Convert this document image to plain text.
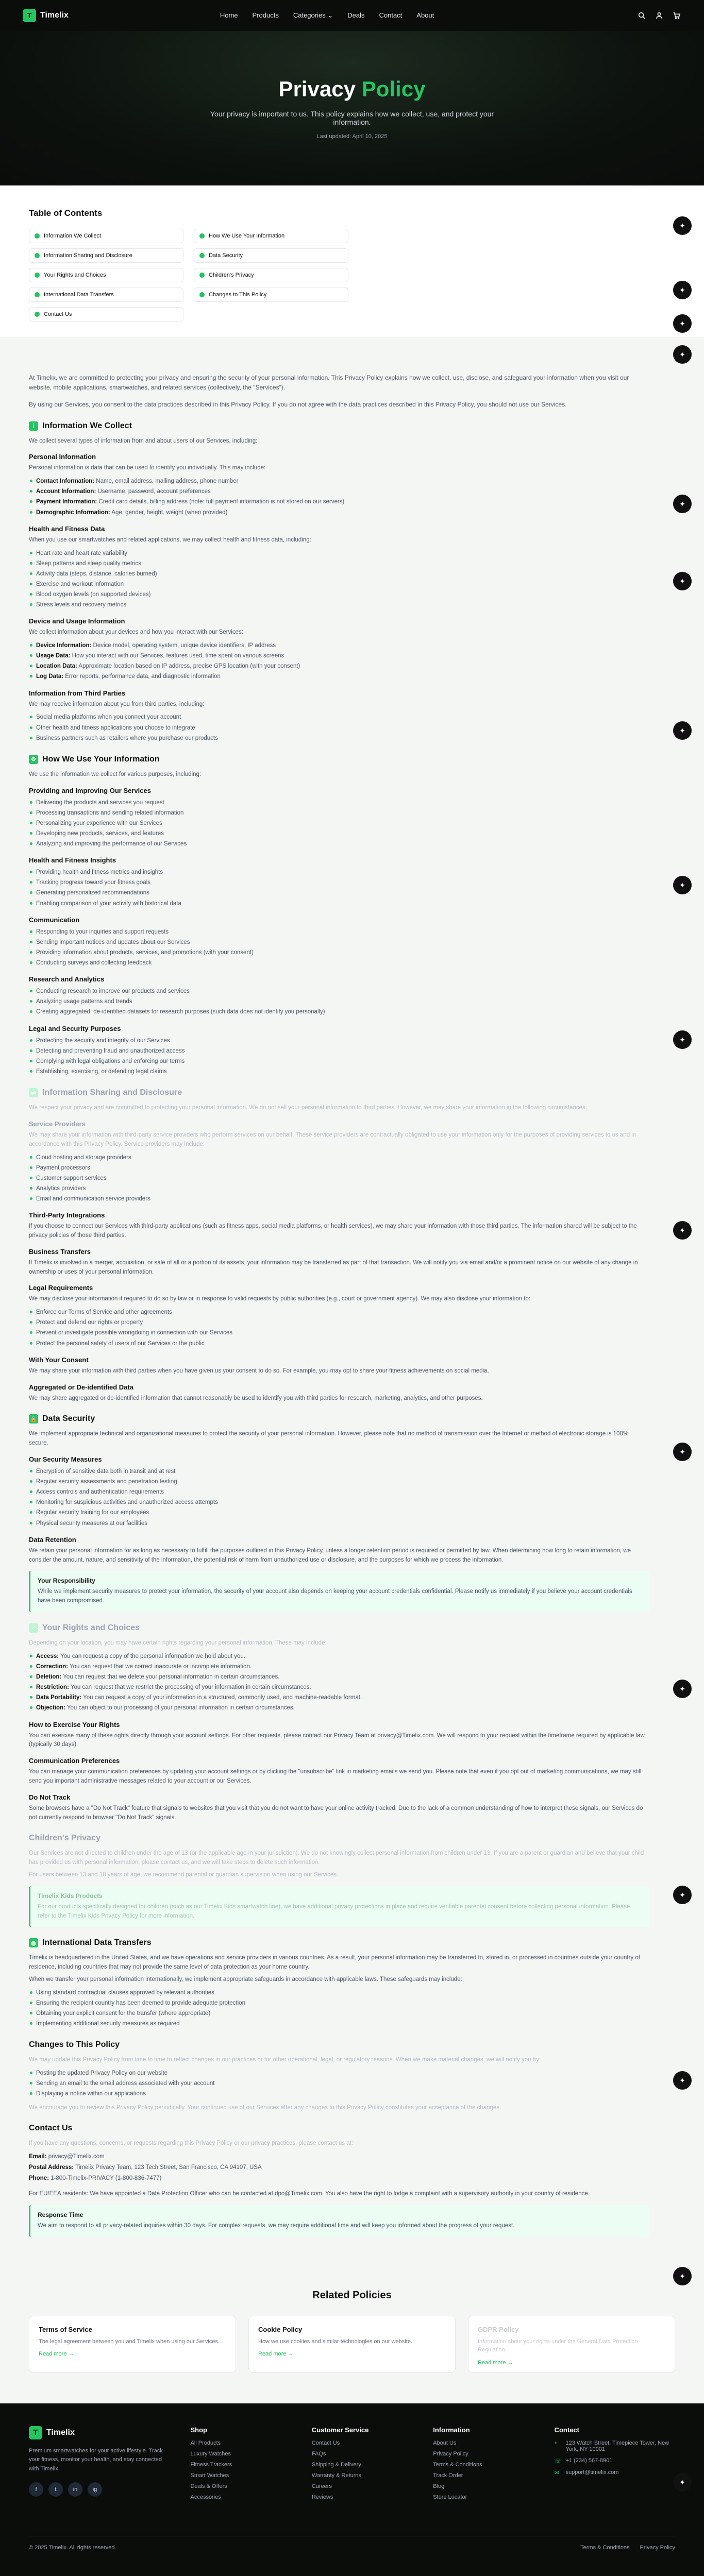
T	Timelix	Home Products Categories ⌄ Deals Contact About
Privacy Policy
Your privacy is important to us. This policy explains how we collect, use, and protect your information.
Last updated: April 10, 2025
Table of Contents
Information We Collect	How We Use Your Information
Information Sharing and Disclosure	Data Security
Your Rights and Choices	Children's Privacy
International Data Transfers	Changes to This Policy
Contact Us
✦
✦
✦
✦
✦
✦
✦
✦
✦
✦
✦
✦
✦
✦
✦
✦

At Timelix, we are committed to protecting your privacy and ensuring the security of your personal information. This Privacy Policy explains how we collect, use, disclose, and safeguard your information when you visit our website, mobile applications, smartwatches, and related services (collectively, the "Services").

By using our Services, you consent to the data practices described in this Privacy Policy. If you do not agree with the data practices described in this Privacy Policy, you should not use our Services.

i Information We Collect

We collect several types of information from and about users of our Services, including:

Personal Information

Personal information is data that can be used to identify you individually. This may include:

Contact Information: Name, email address, mailing address, phone number
Account Information: Username, password, account preferences
Payment Information: Credit card details, billing address (note: full payment information is not stored on our servers)
Demographic Information: Age, gender, height, weight (when provided)
Health and Fitness Data

When you use our smartwatches and related applications, we may collect health and fitness data, including:

Heart rate and heart rate variability
Sleep patterns and sleep quality metrics
Activity data (steps, distance, calories burned)
Exercise and workout information
Blood oxygen levels (on supported devices)
Stress levels and recovery metrics
Device and Usage Information

We collect information about your devices and how you interact with our Services:

Device Information: Device model, operating system, unique device identifiers, IP address
Usage Data: How you interact with our Services, features used, time spent on various screens
Location Data: Approximate location based on IP address, precise GPS location (with your consent)
Log Data: Error reports, performance data, and diagnostic information
Information from Third Parties

We may receive information about you from third parties, including:

Social media platforms when you connect your account
Other health and fitness applications you choose to integrate
Business partners such as retailers where you purchase our products
⚙ How We Use Your Information

We use the information we collect for various purposes, including:

Providing and Improving Our Services
Delivering the products and services you request
Processing transactions and sending related information
Personalizing your experience with our Services
Developing new products, services, and features
Analyzing and improving the performance of our Services
Health and Fitness Insights
Providing health and fitness metrics and insights
Tracking progress toward your fitness goals
Generating personalized recommendations
Enabling comparison of your activity with historical data
Communication
Responding to your inquiries and support requests
Sending important notices and updates about our Services
Providing information about products, services, and promotions (with your consent)
Conducting surveys and collecting feedback
Research and Analytics
Conducting research to improve our products and services
Analyzing usage patterns and trends
Creating aggregated, de-identified datasets for research purposes (such data does not identify you personally)
Legal and Security Purposes
Protecting the security and integrity of our Services
Detecting and preventing fraud and unauthorized access
Complying with legal obligations and enforcing our terms
Establishing, exercising, or defending legal claims
⇄ Information Sharing and Disclosure

We respect your privacy and are committed to protecting your personal information. We do not sell your personal information to third parties. However, we may share your information in the following circumstances:

Service Providers

We may share your information with third-party service providers who perform services on our behalf. These service providers are contractually obligated to use your information only for the purposes of providing services to us and in accordance with this Privacy Policy. Service providers may include:

Cloud hosting and storage providers
Payment processors
Customer support services
Analytics providers
Email and communication service providers
Third-Party Integrations

If you choose to connect our Services with third-party applications (such as fitness apps, social media platforms, or health services), we may share your information with those third parties. The information shared will be subject to the privacy policies of those third parties.

Business Transfers

If Timelix is involved in a merger, acquisition, or sale of all or a portion of its assets, your information may be transferred as part of that transaction. We will notify you via email and/or a prominent notice on our website of any change in ownership or uses of your personal information.

Legal Requirements

We may disclose your information if required to do so by law or in response to valid requests by public authorities (e.g., court or government agency). We may also disclose your information to:

Enforce our Terms of Service and other agreements
Protect and defend our rights or property
Prevent or investigate possible wrongdoing in connection with our Services
Protect the personal safety of users of our Services or the public
With Your Consent

We may share your information with third parties when you have given us your consent to do so. For example, you may opt to share your fitness achievements on social media.

Aggregated or De-identified Data

We may share aggregated or de-identified information that cannot reasonably be used to identify you with third parties for research, marketing, analytics, and other purposes.

🔒 Data Security

We implement appropriate technical and organizational measures to protect the security of your personal information. However, please note that no method of transmission over the Internet or method of electronic storage is 100% secure.

Our Security Measures
Encryption of sensitive data both in transit and at rest
Regular security assessments and penetration testing
Access controls and authentication requirements
Monitoring for suspicious activities and unauthorized access attempts
Regular security training for our employees
Physical security measures at our facilities
Data Retention

We retain your personal information for as long as necessary to fulfill the purposes outlined in this Privacy Policy, unless a longer retention period is required or permitted by law. When determining how long to retain information, we consider the amount, nature, and sensitivity of the information, the potential risk of harm from unauthorized use or disclosure, and the purposes for which we process the information.

Your Responsibility
While we implement security measures to protect your information, the security of your account also depends on keeping your account credentials confidential. Please notify us immediately if you believe your account credentials have been compromised.
✓ Your Rights and Choices

Depending on your location, you may have certain rights regarding your personal information. These may include:

Access: You can request a copy of the personal information we hold about you.
Correction: You can request that we correct inaccurate or incomplete information.
Deletion: You can request that we delete your personal information in certain circumstances.
Restriction: You can request that we restrict the processing of your information in certain circumstances.
Data Portability: You can request a copy of your information in a structured, commonly used, and machine-readable format.
Objection: You can object to our processing of your personal information in certain circumstances.
How to Exercise Your Rights

You can exercise many of these rights directly through your account settings. For other requests, please contact our Privacy Team at privacy@Timelix.com. We will respond to your request within the timeframe required by applicable law (typically 30 days).

Communication Preferences

You can manage your communication preferences by updating your account settings or by clicking the "unsubscribe" link in marketing emails we send you. Please note that even if you opt out of marketing communications, we may still send you important administrative messages related to your account or our Services.

Do Not Track

Some browsers have a "Do Not Track" feature that signals to websites that you visit that you do not want to have your online activity tracked. Due to the lack of a common understanding of how to interpret these signals, our Services do not currently respond to browser "Do Not Track" signals.

Children's Privacy

Our Services are not directed to children under the age of 13 (or the applicable age in your jurisdiction). We do not knowingly collect personal information from children under 13. If you are a parent or guardian and believe that your child has provided us with personal information, please contact us, and we will take steps to delete such information.

For users between 13 and 18 years of age, we recommend parental or guardian supervision when using our Services.

Timelix Kids Products
For our products specifically designed for children (such as our Timelix Kids smartwatch line), we have additional privacy protections in place and require verifiable parental consent before collecting personal information. Please refer to the Timelix Kids Privacy Policy for more information.
◍ International Data Transfers

Timelix is headquartered in the United States, and we have operations and service providers in various countries. As a result, your personal information may be transferred to, stored in, or processed in countries outside your country of residence, including countries that may not provide the same level of data protection as your home country.

When we transfer your personal information internationally, we implement appropriate safeguards in accordance with applicable laws. These safeguards may include:

Using standard contractual clauses approved by relevant authorities
Ensuring the recipient country has been deemed to provide adequate protection
Obtaining your explicit consent for the transfer (where appropriate)
Implementing additional security measures as required
Changes to This Policy

We may update this Privacy Policy from time to time to reflect changes in our practices or for other operational, legal, or regulatory reasons. When we make material changes, we will notify you by:

Posting the updated Privacy Policy on our website
Sending an email to the email address associated with your account
Displaying a notice within our applications

We encourage you to review this Privacy Policy periodically. Your continued use of our Services after any changes to this Privacy Policy constitutes your acceptance of the changes.

Contact Us

If you have any questions, concerns, or requests regarding this Privacy Policy or our privacy practices, please contact us at:

Email: privacy@Timelix.com

Postal Address: Timelix Privacy Team, 123 Tech Street, San Francisco, CA 94107, USA

Phone: 1-800-Timelix-PRIVACY (1-800-836-7477)

For EU/EEA residents: We have appointed a Data Protection Officer who can be contacted at dpo@Timelix.com. You also have the right to lodge a complaint with a supervisory authority in your country of residence.

Response Time
We aim to respond to all privacy-related inquiries within 30 days. For complex requests, we may require additional time and will keep you informed about the progress of your request.
Related Policies
Terms of Service
The legal agreement between you and Timelix when using our Services.
Read more →
Cookie Policy
How we use cookies and similar technologies on our website.
Read more →
GDPR Policy
Information about your rights under the General Data Protection Regulation.
Read more →
T	Timelix
Premium smartwatches for your active lifestyle. Track your fitness, monitor your health, and stay connected with Timelix.
f	t	in	ig
Shop
All Products
Luxury Watches
Fitness Trackers
Smart Watches
Deals & Offers
Accessories
Customer Service
Contact Us
FAQs
Shipping & Delivery
Warranty & Returns
Careers
Reviews
Information
About Us
Privacy Policy
Terms & Conditions
Track Order
Blog
Store Locator
Contact
⌖	123 Watch Street, Timepiece Tower, New York, NY 10001
☏ +1 (234) 567-8901
✉	support@timelix.com
© 2025 Timelix. All rights reserved.	Terms & Conditions Privacy Policy
